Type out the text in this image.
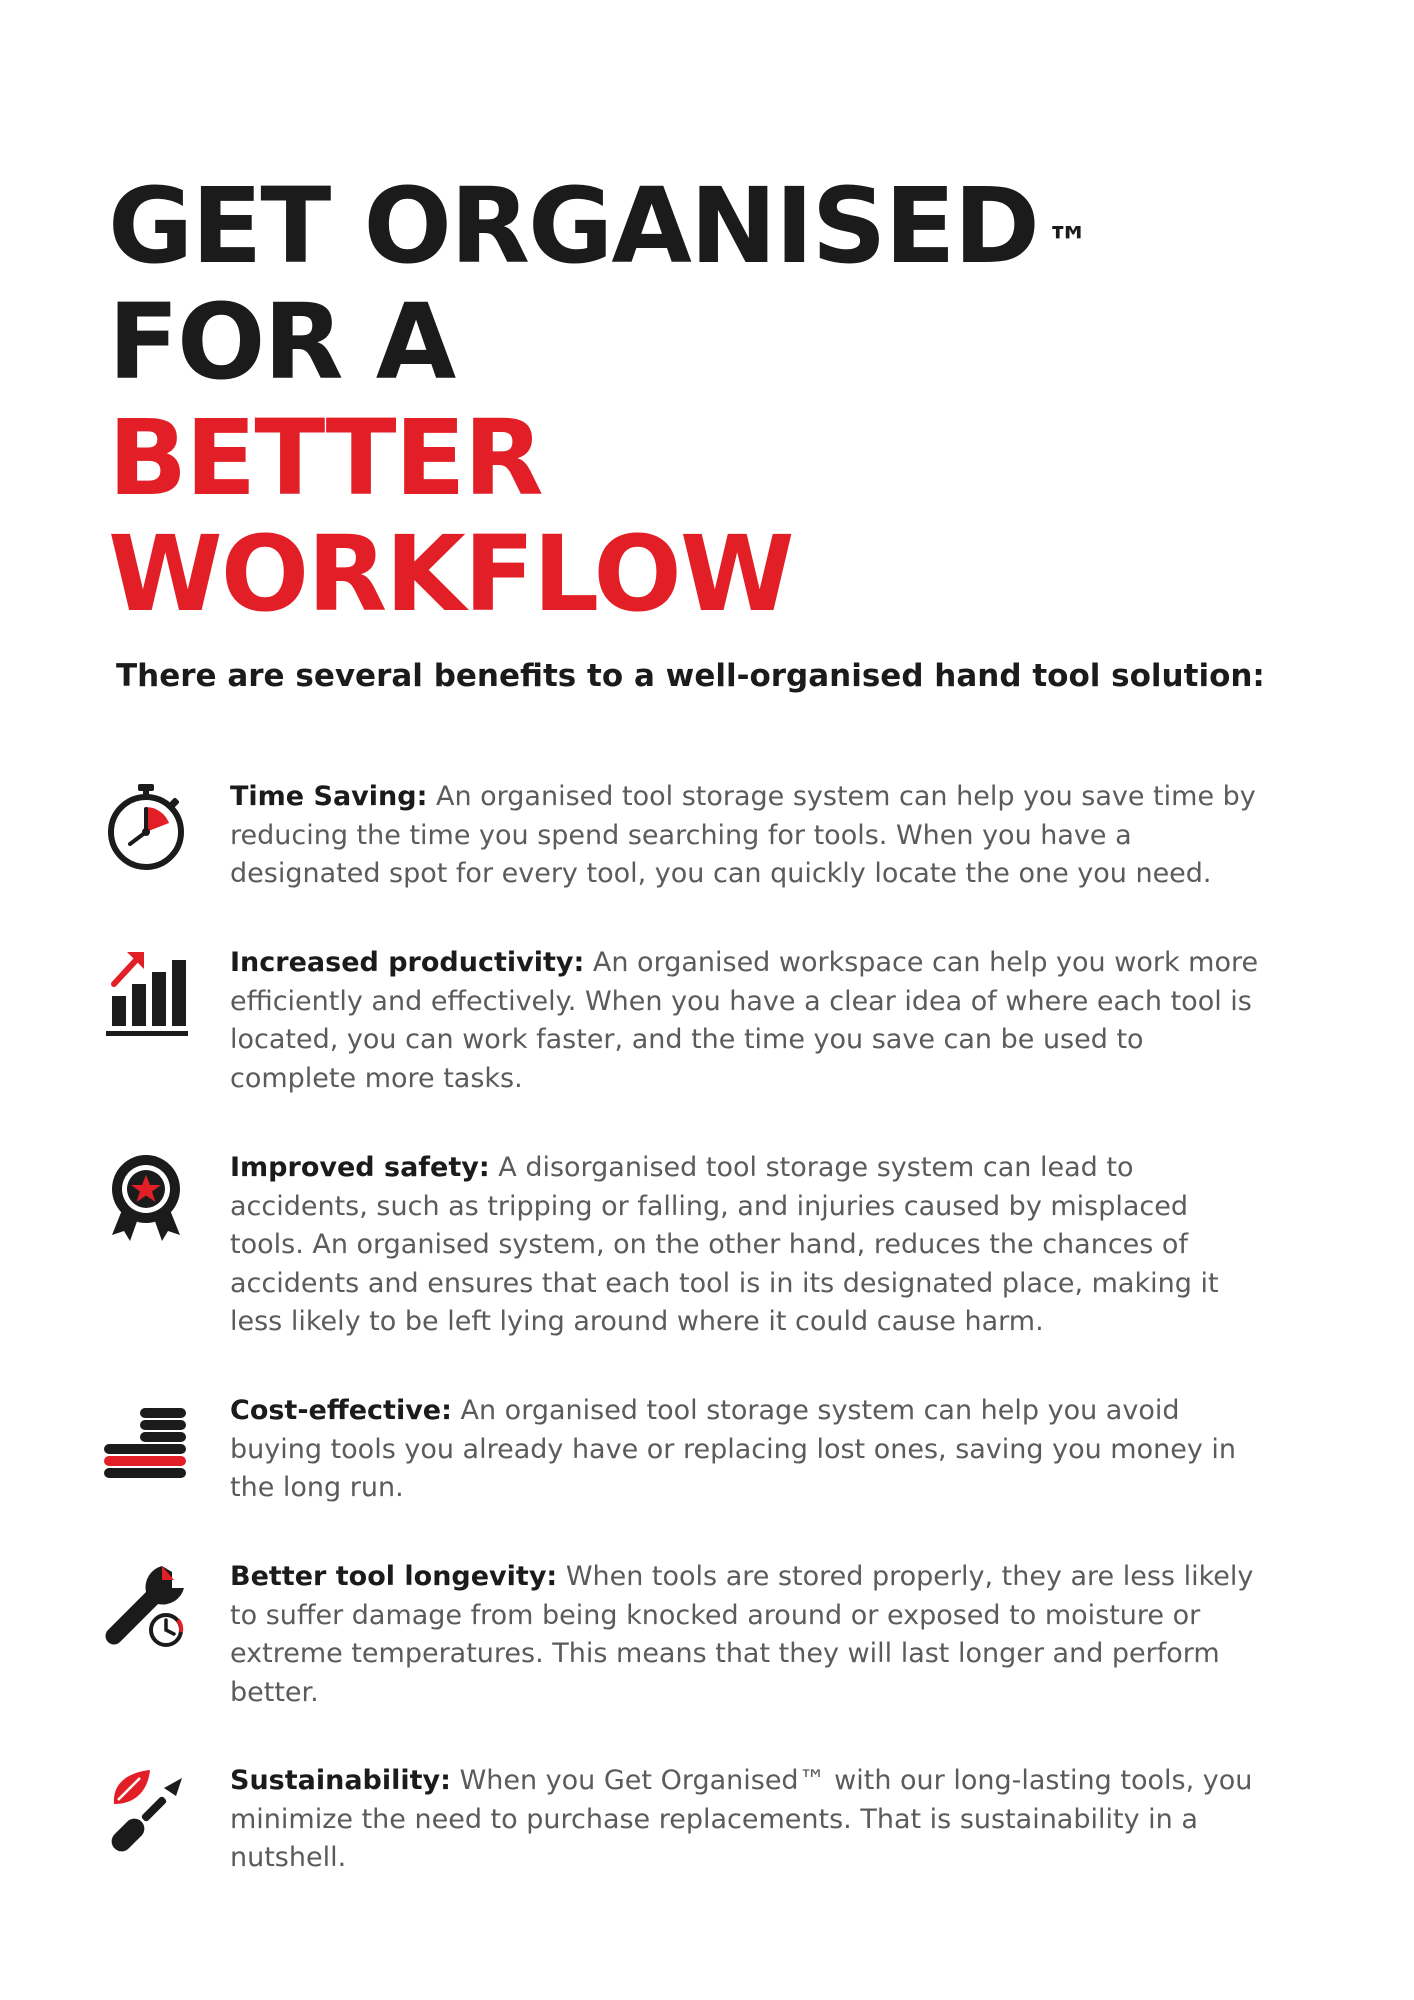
GET ORGANISED ™
FOR A
BETTER
WORKFLOW

There are several benefits to a well-organised hand tool solution:

Time Saving: An organised tool storage system can help you save time by reducing the time you spend searching for tools. When you have a designated spot for every tool, you can quickly locate the one you need.

Increased productivity: An organised workspace can help you work more efficiently and effectively. When you have a clear idea of where each tool is located, you can work faster, and the time you save can be used to complete more tasks.

Improved safety: A disorganised tool storage system can lead to accidents, such as tripping or falling, and injuries caused by misplaced tools. An organised system, on the other hand, reduces the chances of accidents and ensures that each tool is in its designated place, making it less likely to be left lying around where it could cause harm.

Cost-effective: An organised tool storage system can help you avoid buying tools you already have or replacing lost ones, saving you money in the long run.

Better tool longevity: When tools are stored properly, they are less likely to suffer damage from being knocked around or exposed to moisture or extreme temperatures. This means that they will last longer and perform better.

Sustainability: When you Get Organised™ with our long-lasting tools, you minimize the need to purchase replacements. That is sustainability in a nutshell.
